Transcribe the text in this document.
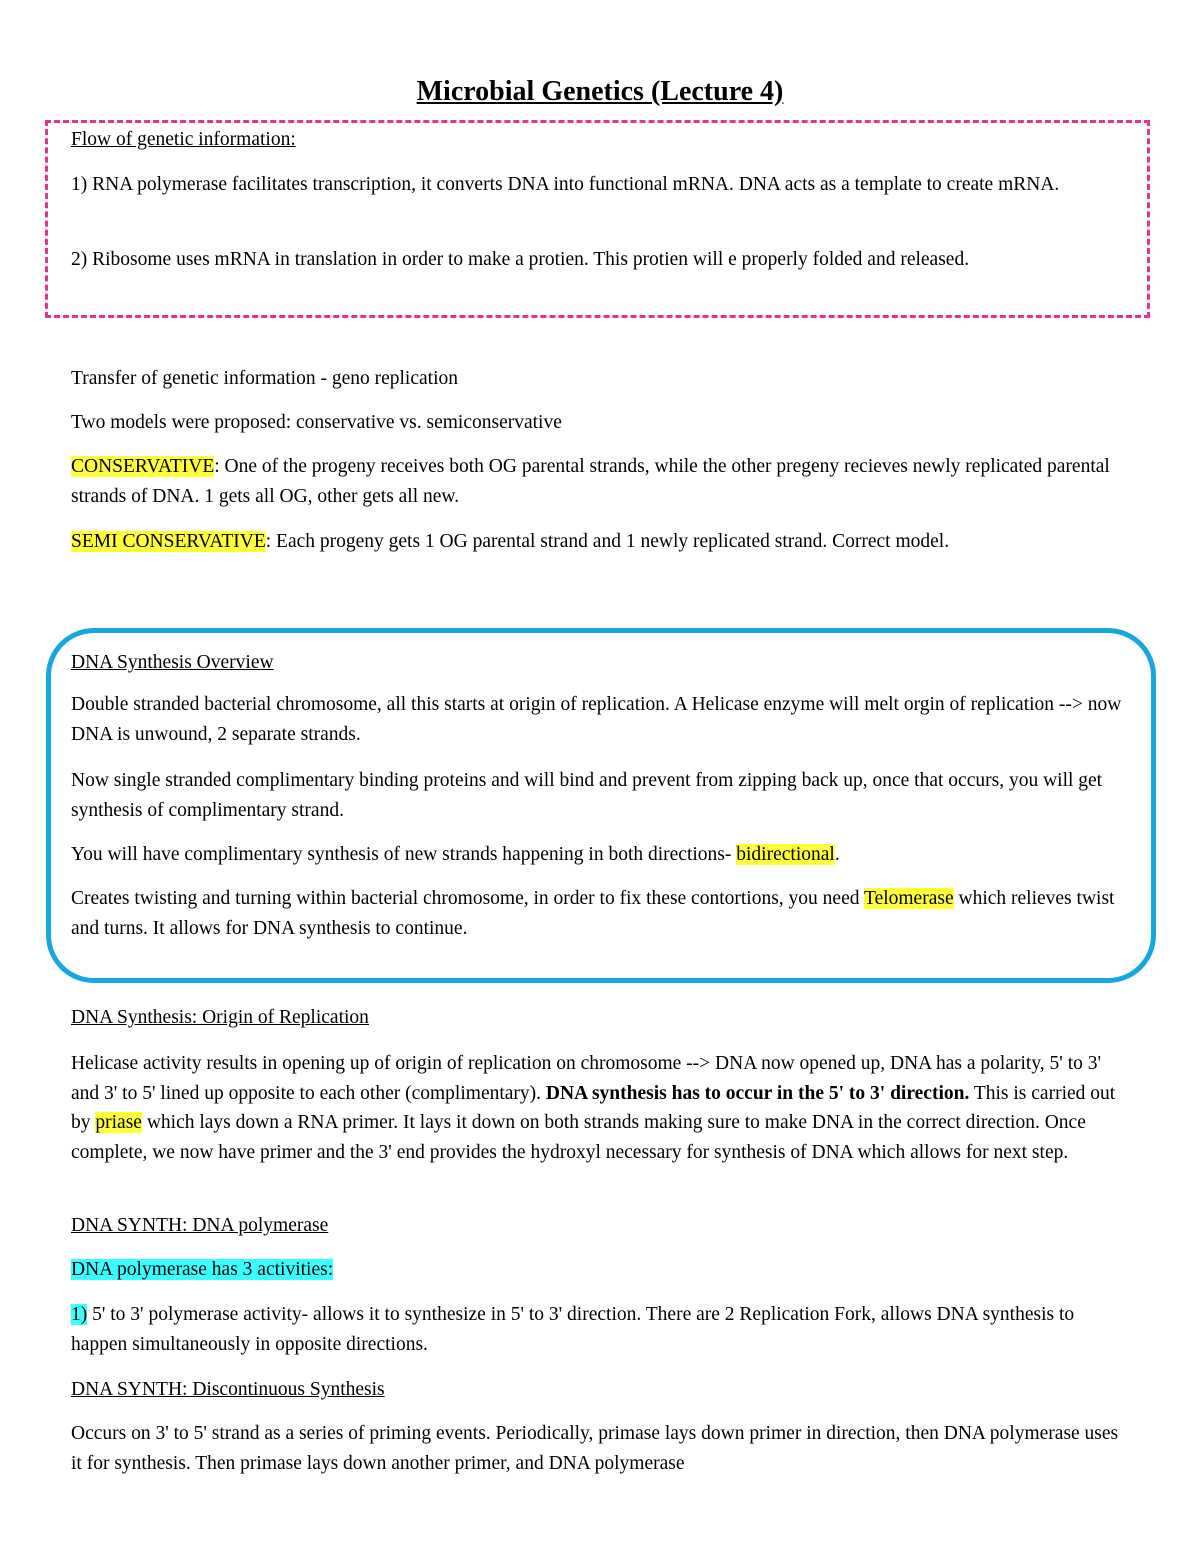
Microbial Genetics (Lecture 4)
Flow of genetic information:
1) RNA polymerase facilitates transcription, it converts DNA into functional mRNA. DNA acts as a template to create mRNA.
2) Ribosome uses mRNA in translation in order to make a protien. This protien will e properly folded and released.
Transfer of genetic information - geno replication
Two models were proposed: conservative vs. semiconservative
CONSERVATIVE: One of the progeny receives both OG parental strands, while the other pregeny recieves newly replicated parental strands of DNA. 1 gets all OG, other gets all new.
SEMI CONSERVATIVE: Each progeny gets 1 OG parental strand and 1 newly replicated strand. Correct model.
DNA Synthesis Overview
Double stranded bacterial chromosome, all this starts at origin of replication. A Helicase enzyme will melt orgin of replication --> now DNA is unwound, 2 separate strands.
Now single stranded complimentary binding proteins and will bind and prevent from zipping back up, once that occurs, you will get synthesis of complimentary strand.
You will have complimentary synthesis of new strands happening in both directions- bidirectional.
Creates twisting and turning within bacterial chromosome, in order to fix these contortions, you need Telomerase which relieves twist and turns. It allows for DNA synthesis to continue.
DNA Synthesis: Origin of Replication
Helicase activity results in opening up of origin of replication on chromosome --> DNA now opened up, DNA has a polarity, 5' to 3' and 3' to 5' lined up opposite to each other (complimentary). DNA synthesis has to occur in the 5' to 3' direction. This is carried out by priase which lays down a RNA primer. It lays it down on both strands making sure to make DNA in the correct direction. Once complete, we now have primer and the 3' end provides the hydroxyl necessary for synthesis of DNA which allows for next step.
DNA SYNTH: DNA polymerase
DNA polymerase has 3 activities:
1) 5' to 3' polymerase activity- allows it to synthesize in 5' to 3' direction. There are 2 Replication Fork, allows DNA synthesis to happen simultaneously in opposite directions.
DNA SYNTH: Discontinuous Synthesis
Occurs on 3' to 5' strand as a series of priming events. Periodically, primase lays down primer in direction, then DNA polymerase uses it for synthesis. Then primase lays down another primer, and DNA polymerase
